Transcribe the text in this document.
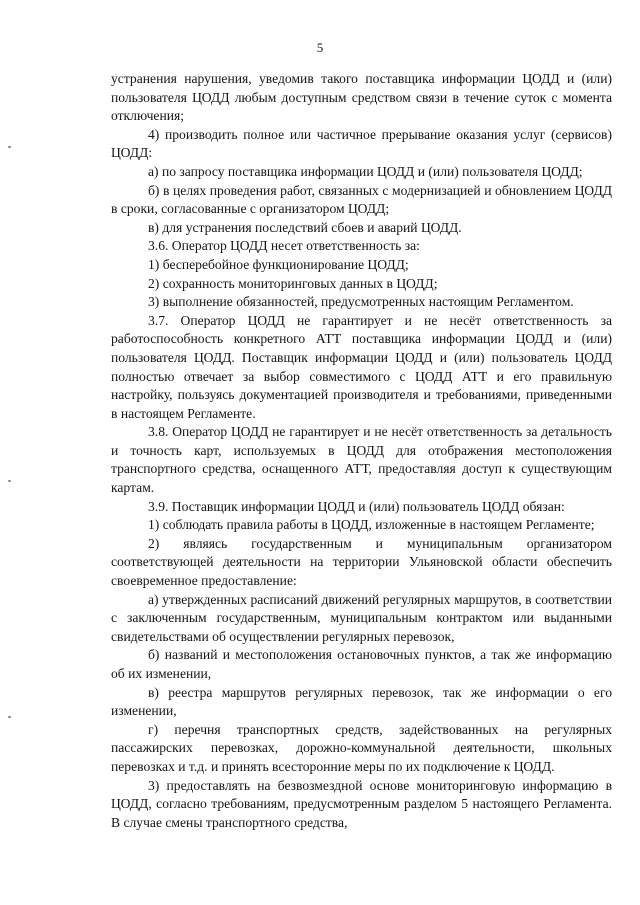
5

устранения нарушения, уведомив такого поставщика информации ЦОДД и (или) пользователя ЦОДД любым доступным средством связи в течение суток с момента отключения;

4) производить полное или частичное прерывание оказания услуг (сервисов) ЦОДД:

а) по запросу поставщика информации ЦОДД и (или) пользователя ЦОДД;

б) в целях проведения работ, связанных с модернизацией и обновлением ЦОДД в сроки, согласованные с организатором ЦОДД;

в) для устранения последствий сбоев и аварий ЦОДД.

3.6. Оператор ЦОДД несет ответственность за:

1) бесперебойное функционирование ЦОДД;

2) сохранность мониторинговых данных в ЦОДД;

3) выполнение обязанностей, предусмотренных настоящим Регламентом.

3.7. Оператор ЦОДД не гарантирует и не несёт ответственность за работоспособность конкретного АТТ поставщика информации ЦОДД и (или) пользователя ЦОДД. Поставщик информации ЦОДД и (или) пользователь ЦОДД полностью отвечает за выбор совместимого с ЦОДД АТТ и его правильную настройку, пользуясь документацией производителя и требованиями, приведенными в настоящем Регламенте.

3.8. Оператор ЦОДД не гарантирует и не несёт ответственность за детальность и точность карт, используемых в ЦОДД для отображения местоположения транспортного средства, оснащенного АТТ, предоставляя доступ к существующим картам.

3.9. Поставщик информации ЦОДД и (или) пользователь ЦОДД обязан:

1) соблюдать правила работы в ЦОДД, изложенные в настоящем Регламенте;

2) являясь государственным и муниципальным организатором соответствующей деятельности на территории Ульяновской области обеспечить своевременное предоставление:

а) утвержденных расписаний движений регулярных маршрутов, в соответствии с заключенным государственным, муниципальным контрактом или выданными свидетельствами об осуществлении регулярных перевозок,

б) названий и местоположения остановочных пунктов, а так же информацию об их изменении,

в) реестра маршрутов регулярных перевозок, так же информации о его изменении,

г) перечня транспортных средств, задействованных на регулярных пассажирских перевозках, дорожно-коммунальной деятельности, школьных перевозках и т.д. и принять всесторонние меры по их подключение к ЦОДД.

3) предоставлять на безвозмездной основе мониторинговую информацию в ЦОДД, согласно требованиям, предусмотренным разделом 5 настоящего Регламента. В случае смены транспортного средства,
